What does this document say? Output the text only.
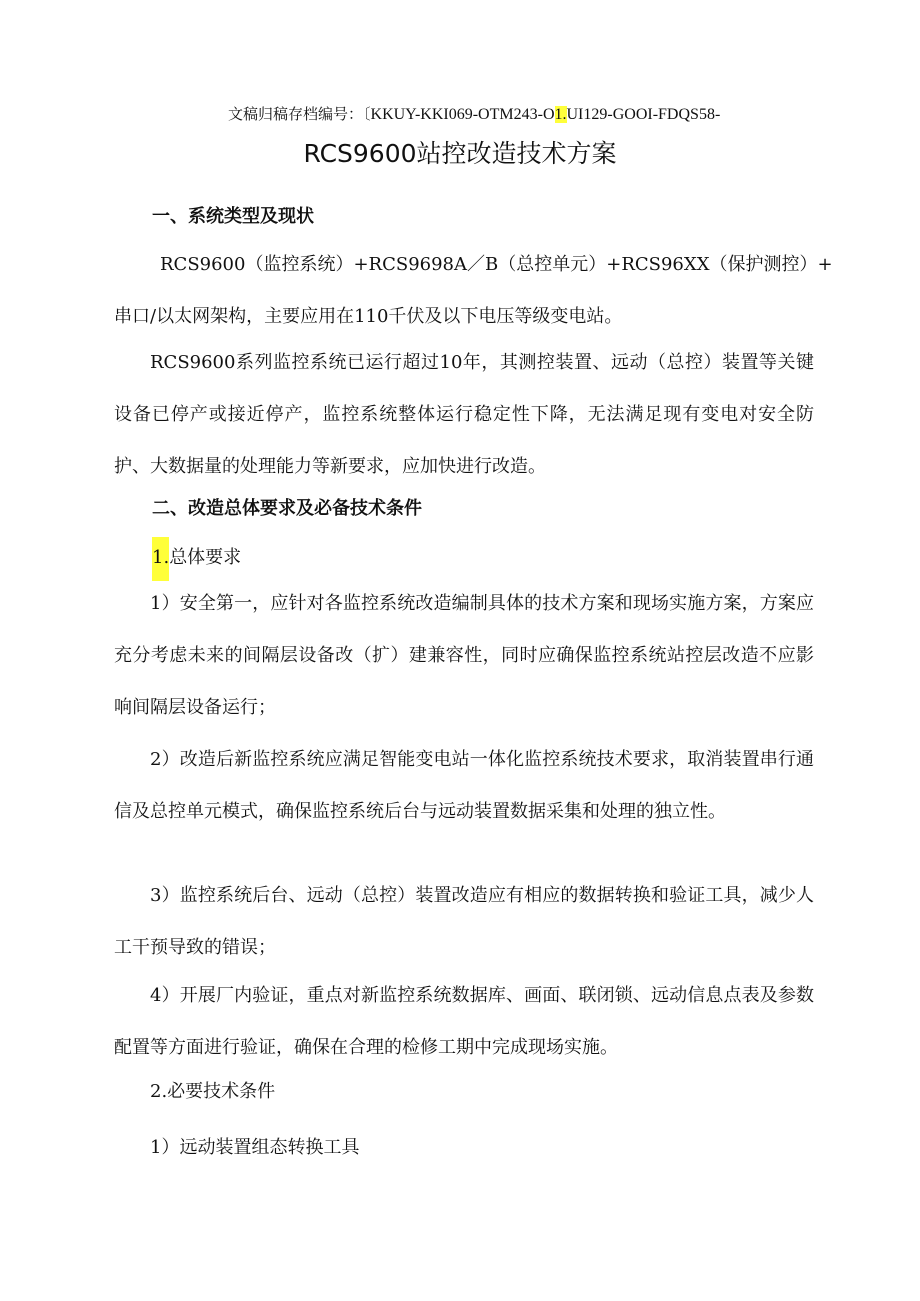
文稿归稿存档编号：〔KKUY-KKI069-OTM243-O1.UI129-GOOI-FDQS58-
RCS9600站控改造技术方案
一、系统类型及现状
RCS9600（监控系统）+RCS9698A／B（总控单元）+RCS96XX（保护测控）+
串口/以太网架构，主要应用在110千伏及以下电压等级变电站。
RCS9600系列监控系统已运行超过10年，其测控装置、远动（总控）装置等关键设备已停产或接近停产，监控系统整体运行稳定性下降，无法满足现有变电对安全防护、大数据量的处理能力等新要求，应加快进行改造。
二、改造总体要求及必备技术条件
1.总体要求
1）安全第一，应针对各监控系统改造编制具体的技术方案和现场实施方案，方案应充分考虑未来的间隔层设备改（扩）建兼容性，同时应确保监控系统站控层改造不应影响间隔层设备运行；
2）改造后新监控系统应满足智能变电站一体化监控系统技术要求，取消装置串行通信及总控单元模式，确保监控系统后台与远动装置数据采集和处理的独立性。
3）监控系统后台、远动（总控）装置改造应有相应的数据转换和验证工具，减少人工干预导致的错误；
4）开展厂内验证，重点对新监控系统数据库、画面、联闭锁、远动信息点表及参数配置等方面进行验证，确保在合理的检修工期中完成现场实施。
2.必要技术条件
1）远动装置组态转换工具
